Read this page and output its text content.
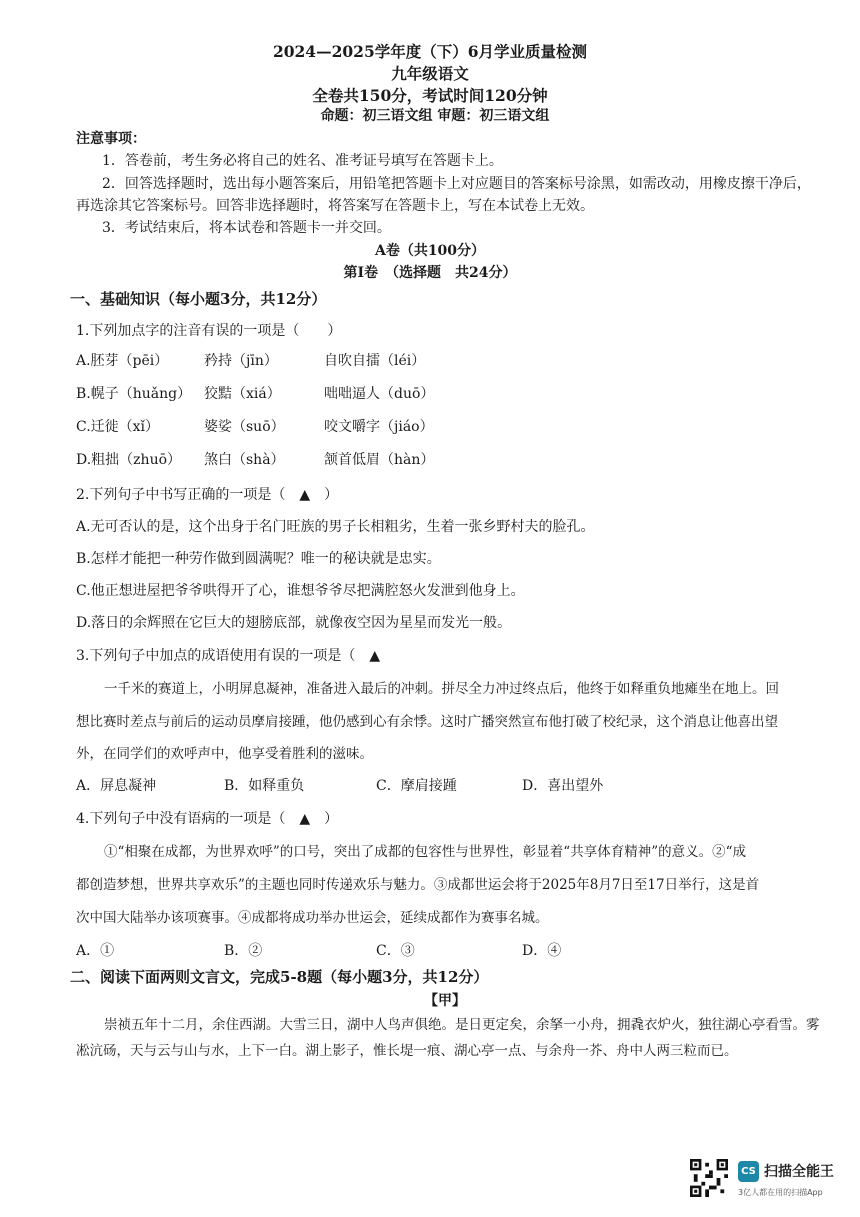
2024—2025学年度（下）6月学业质量检测
九年级语文
全卷共150分，考试时间120分钟
命题：初三语文组 审题：初三语文组
注意事项：
1．答卷前，考生务必将自己的姓名、准考证号填写在答题卡上。
2．回答选择题时，选出每小题答案后，用铅笔把答题卡上对应题目的答案标号涂黑，如需改动，用橡皮擦干净后，
再选涂其它答案标号。回答非选择题时，将答案写在答题卡上，写在本试卷上无效。
3．考试结束后，将本试卷和答题卡一并交回。
A卷（共100分）
第Ⅰ卷　（选择题　共24分）
一、基础知识（每小题3分，共12分）
1.下列加点字的注音有误的一项是（　　）
A.胚芽（pēi）	矜持（jīn）	自吹自擂（léi）
B.幌子（huǎng） 狡黠（xiá）	咄咄逼人（duō）
C.迁徙（xǐ）	婆娑（suō）	咬文嚼字（jiáo）
D.粗拙（zhuō） 煞白（shà）	颔首低眉（hàn）
2.下列句子中书写正确的一项是（　▲　）
A.无可否认的是，这个出身于名门旺族的男子长相粗劣，生着一张乡野村夫的脸孔。
B.怎样才能把一种劳作做到圆满呢？唯一的秘诀就是忠实。
C.他正想进屋把爷爷哄得开了心，谁想爷爷尽把满腔怒火发泄到他身上。
D.落日的余辉照在它巨大的翅膀底部，就像夜空因为星星而发光一般。
3.下列句子中加点的成语使用有误的一项是（　▲
一千米的赛道上，小明屏息凝神，准备进入最后的冲刺。拼尽全力冲过终点后，他终于如释重负地瘫坐在地上。回
想比赛时差点与前后的运动员摩肩接踵，他仍感到心有余悸。这时广播突然宣布他打破了校纪录，这个消息让他喜出望
外，在同学们的欢呼声中，他享受着胜利的滋味。
A．屏息凝神	B．如释重负	C．摩肩接踵	D．喜出望外
4.下列句子中没有语病的一项是（　▲　）
①“相聚在成都，为世界欢呼”的口号，突出了成都的包容性与世界性，彰显着“共享体育精神”的意义。②“成
都创造梦想，世界共享欢乐”的主题也同时传递欢乐与魅力。③成都世运会将于2025年8月7日至17日举行，这是首
次中国大陆举办该项赛事。④成都将成功举办世运会，延续成都作为赛事名城。
A．①	B．②	C．③	D．④
二、阅读下面两则文言文，完成5-8题（每小题3分，共12分）
【甲】
崇祯五年十二月，余住西湖。大雪三日，湖中人鸟声俱绝。是日更定矣，余拏一小舟，拥毳衣炉火，独往湖心亭看雪。雾
凇沆砀，天与云与山与水，上下一白。湖上影子，惟长堤一痕、湖心亭一点、与余舟一芥、舟中人两三粒而已。
CS 扫描全能王
3亿人都在用的扫描App
